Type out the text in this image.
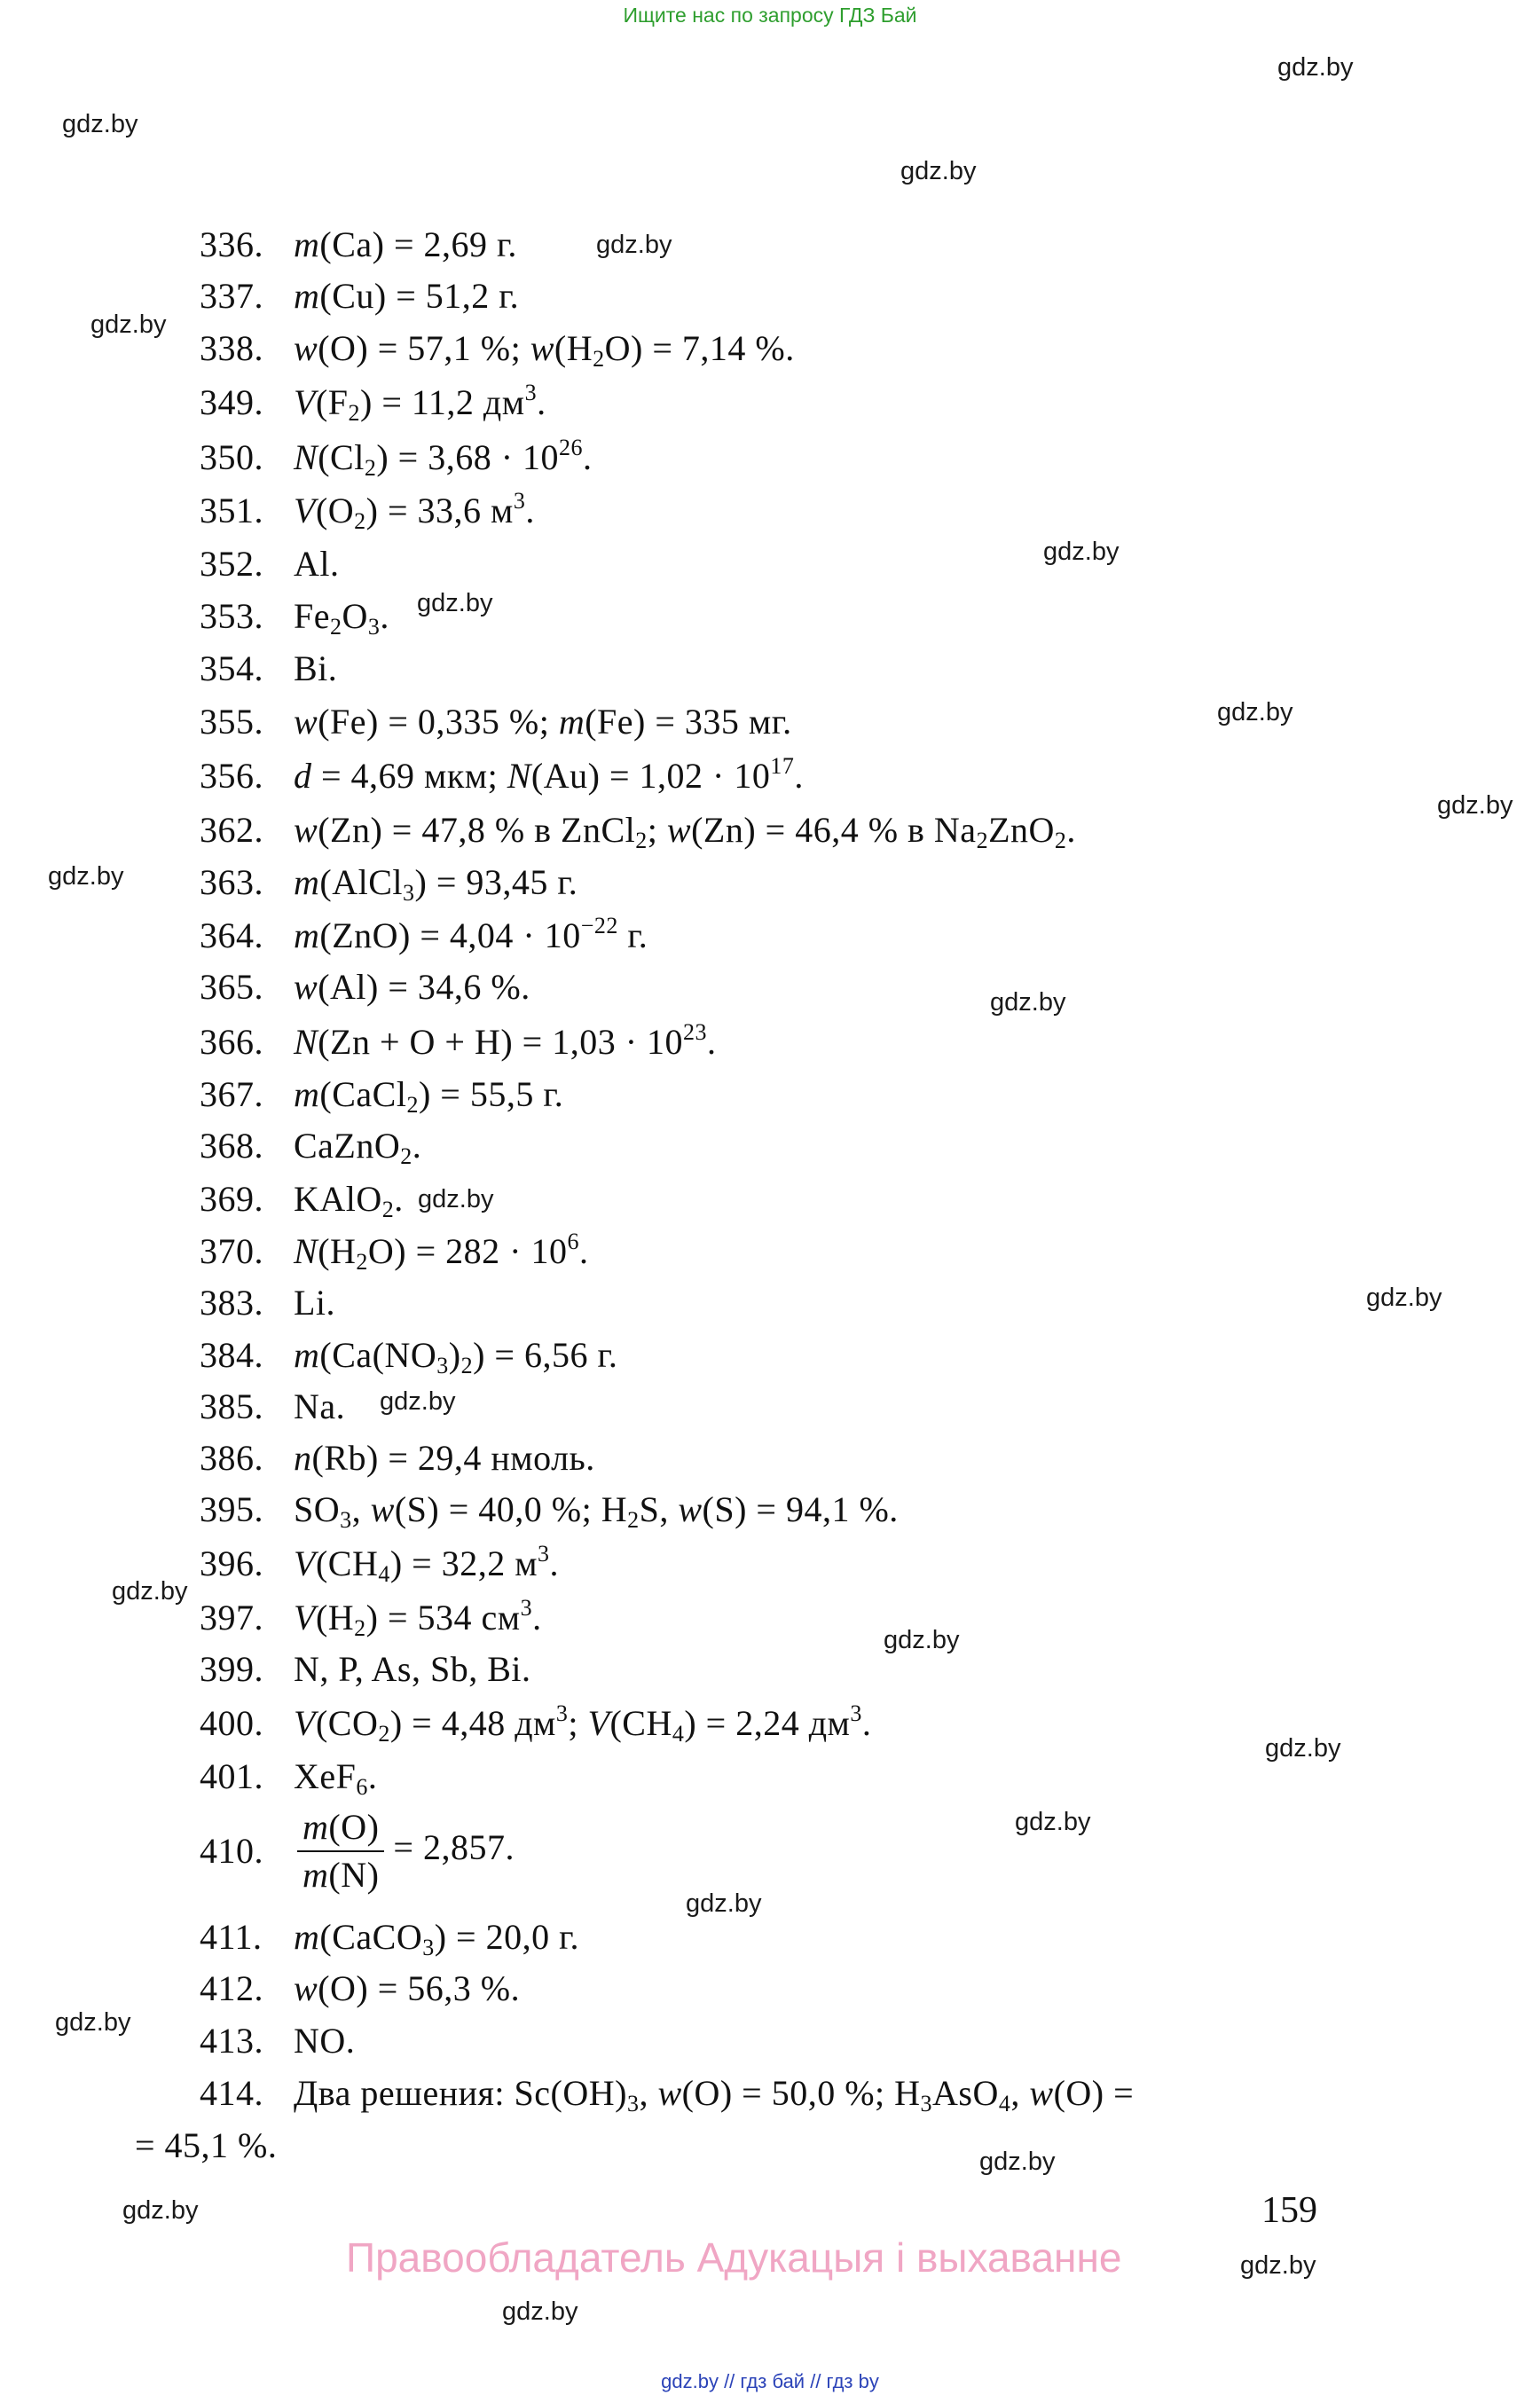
Ищите нас по запросу ГДЗ Бай
gdz.by
gdz.by
gdz.by
gdz.by
gdz.by
gdz.by
gdz.by
gdz.by
gdz.by
gdz.by
gdz.by
gdz.by
gdz.by
gdz.by
gdz.by
gdz.by
gdz.by
gdz.by
gdz.by
gdz.by
gdz.by
gdz.by
gdz.by
gdz.by
336. m(Ca) = 2,69 г.
337. m(Cu) = 51,2 г.
338. w(O) = 57,1 %; $w(H_2O) = 7,14$ %.
349. $V(F_2) = 11,2$ $дм^3$.
350. $N(Cl_2) = 3,68 \cdot 10^{26}$.
351. $V(O_2) = 33,6$ $м^3$.
352. Al.
353. $Fe_2O_3$.
354. Bi.
355. w(Fe) = 0,335 %; m(Fe) = 335 мг.
356. d = 4,69 мкм; $N(Au) = 1,02 \cdot 10^{17}$.
362. w(Zn) = 47,8 % в ZnCl$_2$; w(Zn) = 46,4 % в $Na_2ZnO_2$.
363. m(AlCl$_3$) = 93,45 г.
364. $m(ZnO) = 4,04 \cdot 10^{-22}$ г.
365. w(Al) = 34,6 %.
366. $N(Zn + O + H) = 1,03 \cdot 10^{23}$.
367. m(CaCl$_2$) = 55,5 г.
368. CaZnO$_2$.
369. KAlO$_2$.
370. $N(H_2O) = 282 \cdot 10^6$.
383. Li.
384. $m(Ca(NO_3)_2) = 6,56$ г.
385. Na.
386. n(Rb) = 29,4 нмоль.
395. $SO_3$, w(S) = 40,0 %; $H_2S$, w(S) = 94,1 %.
396. $V(CH_4) = 32,2$ $м^3$.
397. $V(H_2) = 534$ $см^3$.
399. N, P, As, Sb, Bi.
400. $V(CO_2) = 4,48$ $дм^3$; $V(CH_4) = 2,24$ $дм^3$.
401. XeF$_6$.
410. $\frac{m(O)}{m(N)} = 2,857$.
411. m(CaCO$_3$) = 20,0 г.
412. w(O) = 56,3 %.
413. NO.
414. Два решения: $Sc(OH)_3$, w(O) = 50,0 %; $H_3AsO_4$, w(O) =
= 45,1 %.
159
Правообладатель Адукацыя і выхаванне
gdz.by // гдз бай // гдз by
